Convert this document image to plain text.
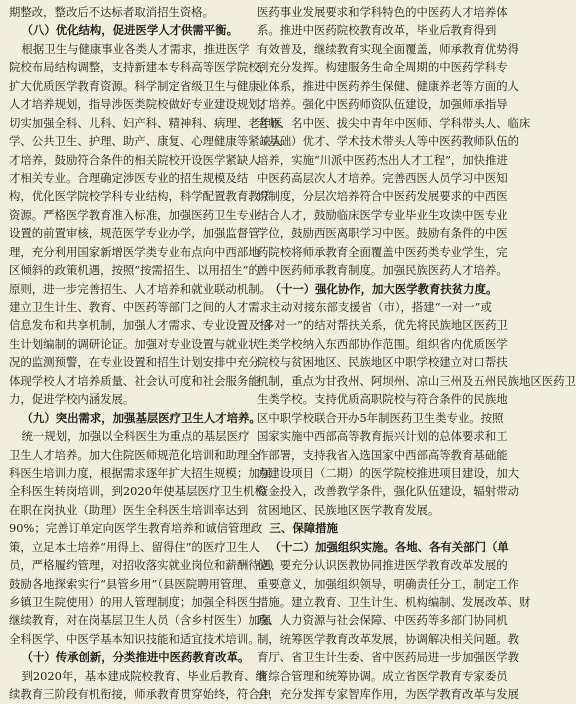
期整改，整改后不达标者取消招生资格。
（八）优化结构，促进医学人才供需平衡。
根据卫生与健康事业各类人才需求，推进医学
院校布局结构调整，支持新建本专科高等医学院校，
扩大优质医学教育资源。科学制定省级卫生与健康
人才培养规划，指导涉医类院校做好专业建设规划，
切实加强全科、儿科、妇产科、精神科、病理、老年医
学、公共卫生、护理、助产、康复、心理健康等紧缺人
才培养，鼓励符合条件的相关院校开设医学紧缺人
才相关专业。合理确定涉医专业的招生规模及结
构，优化医学院校学科专业结构，科学配置教育教学
资源。严格医学教育准入标准，加强医药卫生专业
设置的前置审核，规范医学专业办学，加强监督管
理，充分利用国家新增医学类专业布点向中西部地
区倾斜的政策机遇，按照“按需招生、以用招生”的
原则，进一步完善招生、人才培养和就业联动机制。
建立卫生计生、教育、中医药等部门之间的人才需求
信息发布和共享机制，加强人才需求、专业设置及招
生计划编制的调研论证。加强对专业设置与就业状
况的监测预警，在专业设置和招生计划安排中充分
体现学校人才培养质量、社会认可度和社会服务能
力，促进学校内涵发展。
（九）突出需求，加强基层医疗卫生人才培养。
统一规划，加强以全科医生为重点的基层医疗
卫生人才培养。加大住院医师规范化培训和助理全
科医生培训力度，根据需求逐年扩大招生规模；加强
全科医生转岗培训，到2020年使基层医疗卫生机构
在职在岗执业（助理）医生全科医生培训率达到
90%；完善订单定向医学生教育培养和诚信管理政
策，立足本土培养“用得上、留得住”的医疗卫生人
员，严格履约管理，对招收落实就业岗位和薪酬待遇，
鼓励各地探索实行“县管乡用”（县医院聘用管理、
乡镇卫生院使用）的用人管理制度；加强全科医生
继续教育，对在岗基层卫生人员（含乡村医生）加强
全科医学、中医学基本知识技能和适宜技术培训。
（十）传承创新，分类推进中医药教育改革。
到2020年，基本建成院校教育、毕业后教育、继
续教育三阶段有机衔接，师承教育贯穿始终，符合中
医药事业发展要求和学科特色的中医药人才培养体
系。推进中医药院校教育改革，毕业后教育得到
有效普及，继续教育实现全面覆盖，师承教育优势得
到充分发挥。构建服务生命全周期的中医药学科专
业体系，推进中医药养生保健、健康养老等方面的人
才培养。强化中医药师资队伍建设，加强师承指导
老师、名中医、拔尖中青年中医师、学科带头人、临床
（基础）优才、学术技术带头人等中医药教师队伍的
培养，实施“川派中医药杰出人才工程”，加快推进
中医药高层次人才培养。完善西医人员学习中医知
识制度，分层次培养符合中医药发展要求的中西医
结合人才，鼓励临床医学专业毕业生攻读中医专业
学位，鼓励西医离职学习中医。鼓励有条件的中医
药院校将师承教育全面覆盖中医药类专业学生，完
善中医药师承教育制度。加强民族医药人才培养。
（十一）强化协作，加大医学教育扶贫力度。
主动对接东部支援省（市），搭建“一对一”或
“多对一”的结对帮扶关系，优先将民族地区医药卫
生类学校纳入东西部协作范围。组织省内优质医学
院校与贫困地区、民族地区中职学校建立对口帮扶
机制，重点为甘孜州、阿坝州、凉山三州及五州民族地区医药卫
生类学校。支持优质高职院校与符合条件的民族地
区中职学校联合开办5年制医药卫生类专业。按照
国家实施中西部高等教育振兴计划的总体要求和工
作部署，支持我省入选国家中西部高等教育基础能
力建设项目（二期）的医学院校推进项目建设，加大
资金投入，改善教学条件，强化队伍建设，辐射带动
贫困地区、民族地区医学教育发展。
三、保障措施
（十二）加强组织实施。各地、各有关部门（单
位）要充分认识医教协同推进医学教育改革发展的
重要意义，加强组织领导，明确责任分工，制定工作
措施。建立教育、卫生计生、机构编制、发展改革、财
政、人力资源与社会保障、中医药等多部门协同机
制，统筹医学教育改革发展，协调解决相关问题。教
育厅、省卫生计生委、省中医药局进一步加强医学教
育综合管理和统筹协调。成立省医学教育专家委员
会，充分发挥专家智库作用，为医学教育改革与发展
